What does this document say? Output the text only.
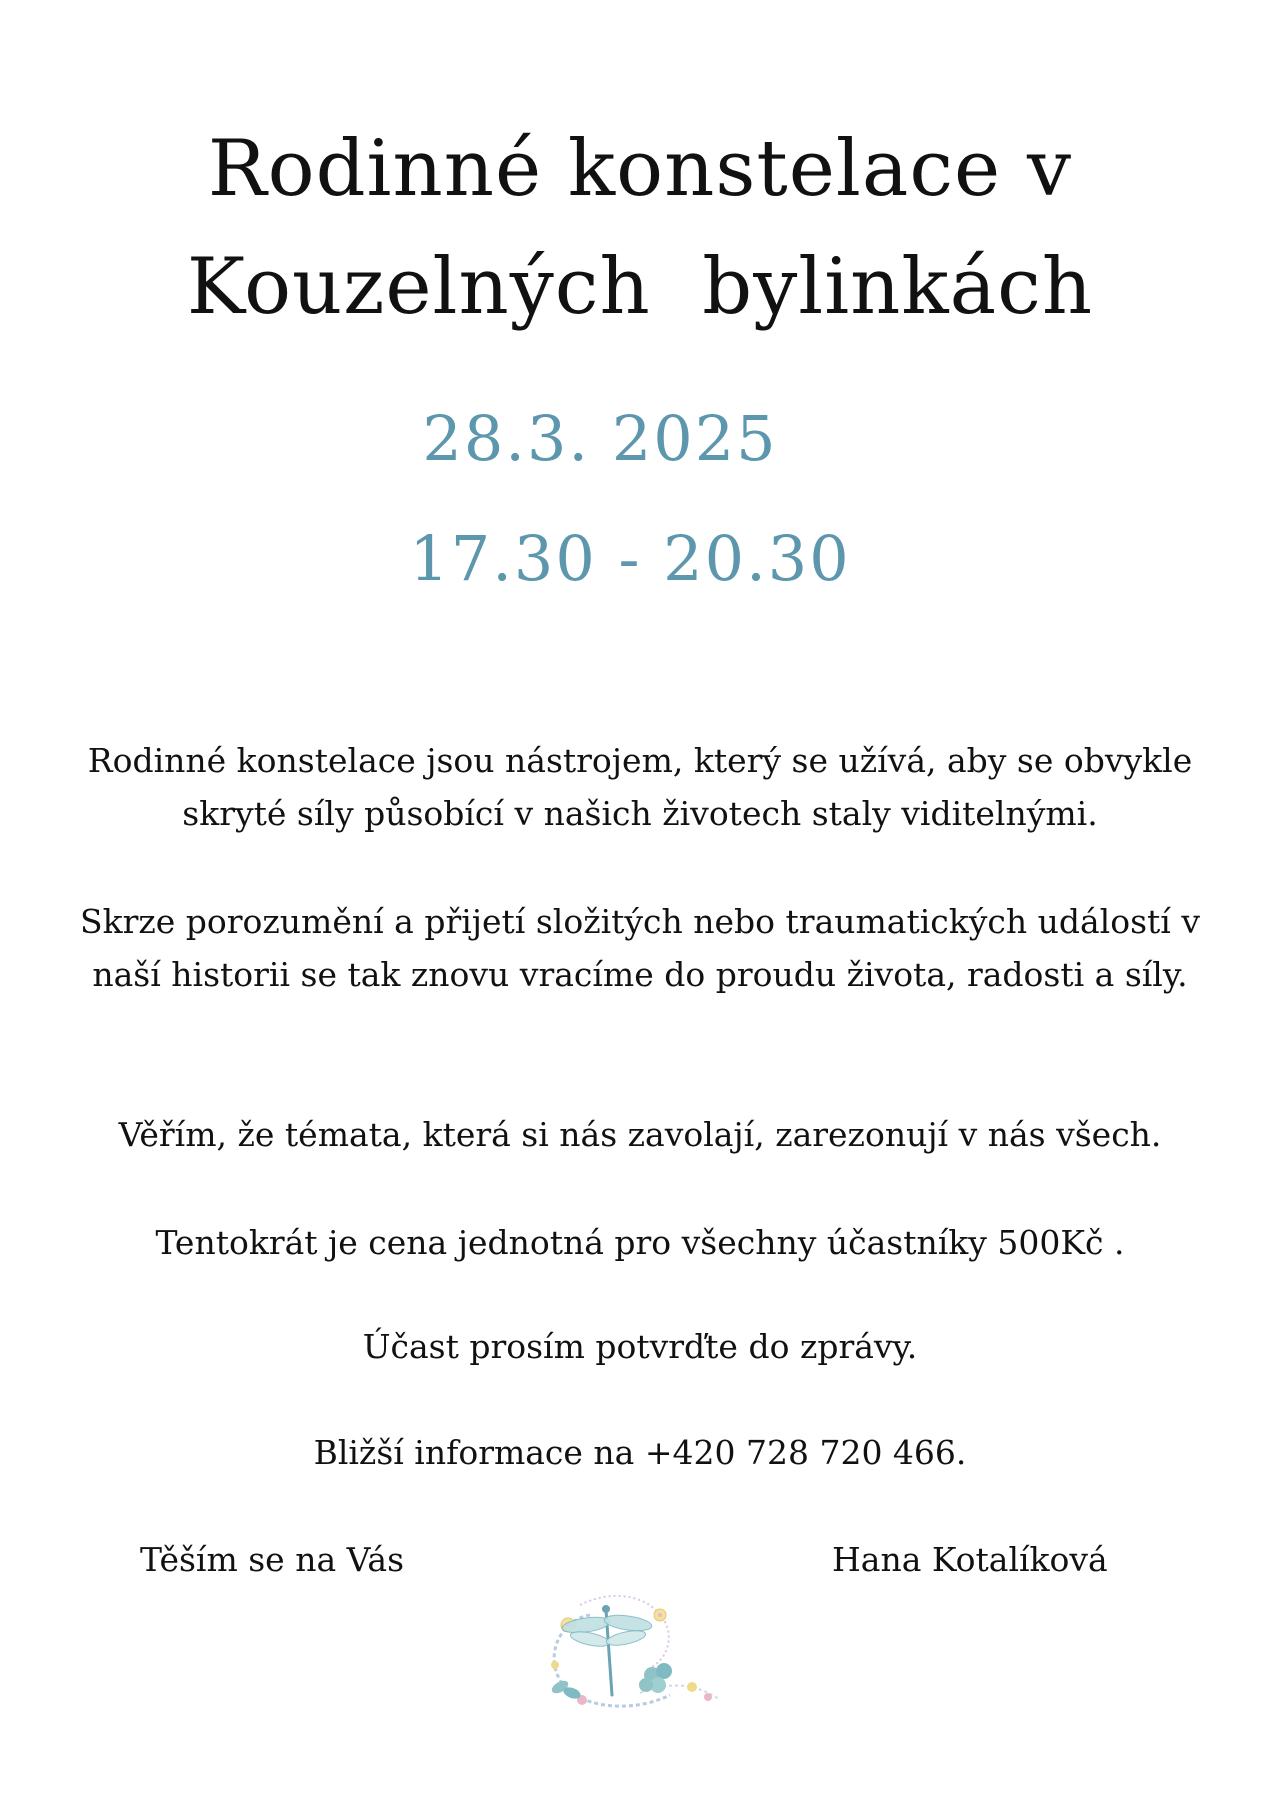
Rodinné konstelace v
Kouzelných  bylinkách
28.3. 2025
17.30 - 20.30

Rodinné konstelace jsou nástrojem, který se užívá, aby se obvykle skryté síly působící v našich životech staly viditelnými.

Skrze porozumění a přijetí složitých nebo traumatických událostí v naší historii se tak znovu vracíme do proudu života, radosti a síly.

Věřím, že témata, která si nás zavolají, zarezonují v nás všech.

Tentokrát je cena jednotná pro všechny účastníky 500Kč .

Účast prosím potvrďte do zprávy.

Bližší informace na +420 728 720 466.

Těším se na Vás	Hana Kotalíková
